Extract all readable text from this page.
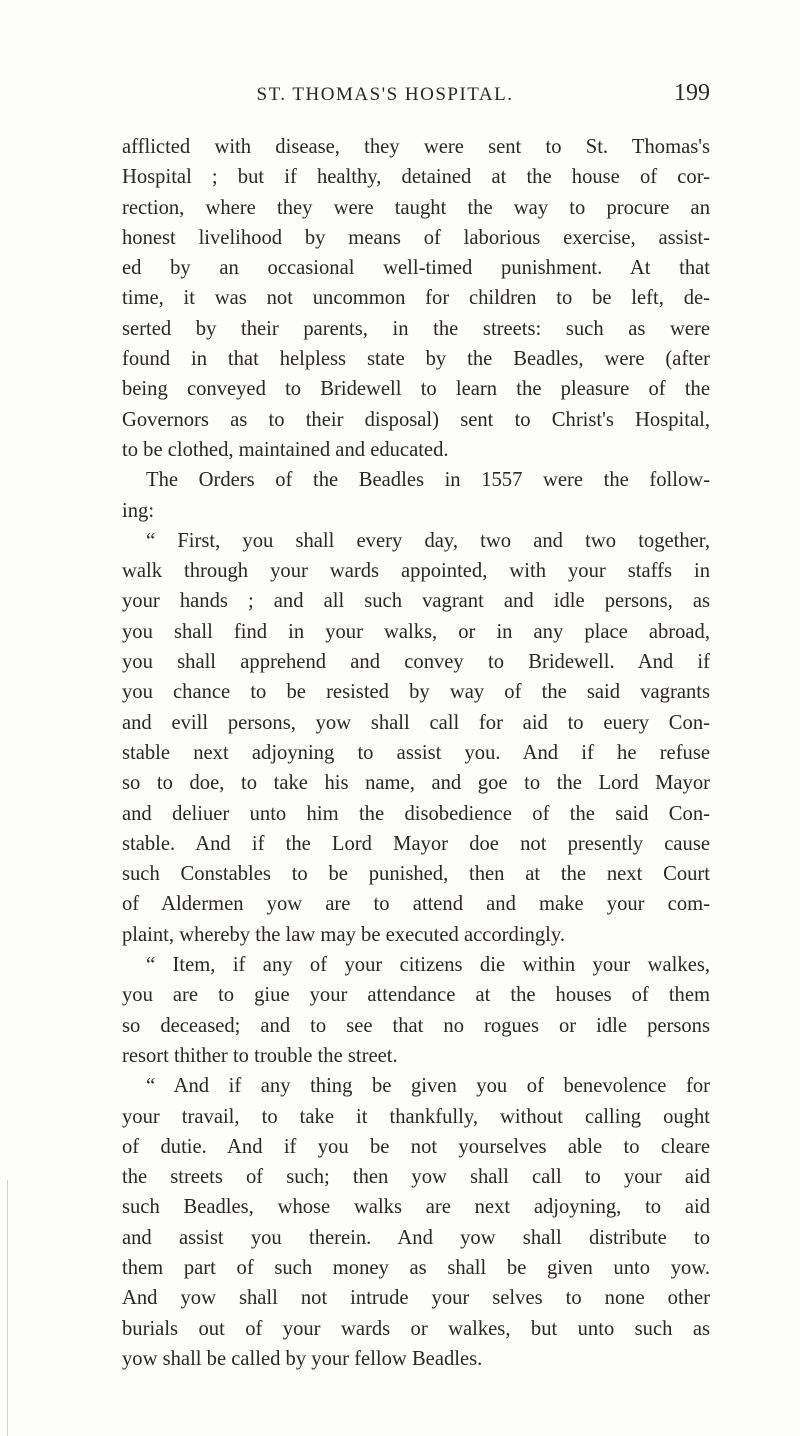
ST. THOMAS'S HOSPITAL.	199
afflicted with disease, they were sent to St. Thomas's
Hospital ; but if healthy, detained at the house of cor-
rection, where they were taught the way to procure an
honest livelihood by means of laborious exercise, assist-
ed by an occasional well-timed punishment. At that
time, it was not uncommon for children to be left, de-
serted by their parents, in the streets: such as were
found in that helpless state by the Beadles, were (after
being conveyed to Bridewell to learn the pleasure of the
Governors as to their disposal) sent to Christ's Hospital,
to be clothed, maintained and educated.
The Orders of the Beadles in 1557 were the follow-
ing:
“ First, you shall every day, two and two together,
walk through your wards appointed, with your staffs in
your hands ; and all such vagrant and idle persons, as
you shall find in your walks, or in any place abroad,
you shall apprehend and convey to Bridewell. And if
you chance to be resisted by way of the said vagrants
and evill persons, yow shall call for aid to euery Con-
stable next adjoyning to assist you. And if he refuse
so to doe, to take his name, and goe to the Lord Mayor
and deliuer unto him the disobedience of the said Con-
stable. And if the Lord Mayor doe not presently cause
such Constables to be punished, then at the next Court
of Aldermen yow are to attend and make your com-
plaint, whereby the law may be executed accordingly.
“ Item, if any of your citizens die within your walkes,
you are to giue your attendance at the houses of them
so deceased; and to see that no rogues or idle persons
resort thither to trouble the street.
“ And if any thing be given you of benevolence for
your travail, to take it thankfully, without calling ought
of dutie. And if you be not yourselves able to cleare
the streets of such; then yow shall call to your aid
such Beadles, whose walks are next adjoyning, to aid
and assist you therein. And yow shall distribute to
them part of such money as shall be given unto yow.
And yow shall not intrude your selves to none other
burials out of your wards or walkes, but unto such as
yow shall be called by your fellow Beadles.
